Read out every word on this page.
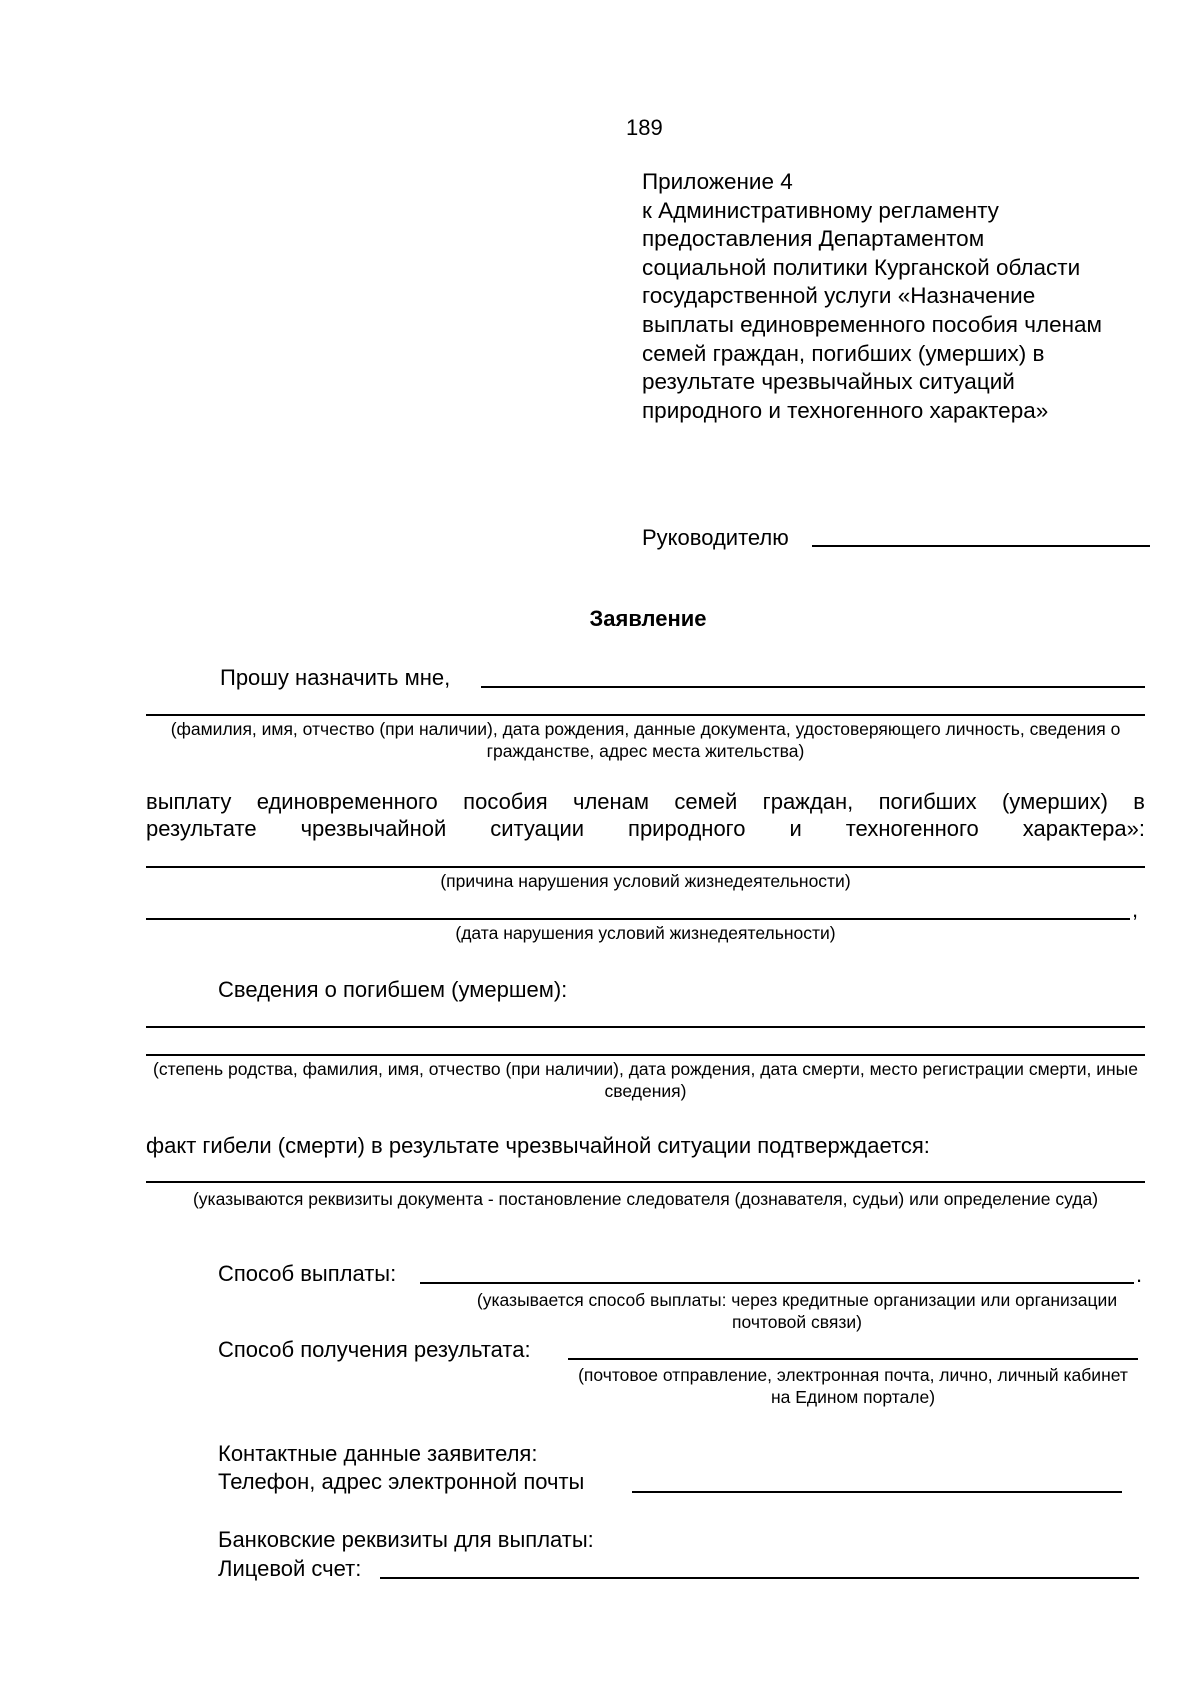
189
Приложение 4
к Административному регламенту
предоставления Департаментом
социальной политики Курганской области
государственной услуги «Назначение
выплаты единовременного пособия членам
семей граждан, погибших (умерших) в
результате чрезвычайных ситуаций
природного и техногенного характера»
Руководителю
Заявление
Прошу назначить мне,
(фамилия, имя, отчество (при наличии), дата рождения, данные документа, удостоверяющего личность, сведения о гражданстве, адрес места жительства)
выплату единовременного пособия членам семей граждан, погибших (умерших) в
результате чрезвычайной ситуации природного и техногенного характера»:
(причина нарушения условий жизнедеятельности)
,
(дата нарушения условий жизнедеятельности)
Сведения о погибшем (умершем):
(степень родства, фамилия, имя, отчество (при наличии), дата рождения, дата смерти, место регистрации смерти, иные сведения)
факт гибели (смерти) в результате чрезвычайной ситуации подтверждается:
(указываются реквизиты документа - постановление следователя (дознавателя, судьи) или определение суда)
Способ выплаты:	.
(указывается способ выплаты: через кредитные организации или организации почтовой связи)
Способ получения результата:
(почтовое отправление, электронная почта, лично, личный кабинет на Едином портале)
Контактные данные заявителя:
Телефон, адрес электронной почты
Банковские реквизиты для выплаты:
Лицевой счет:
